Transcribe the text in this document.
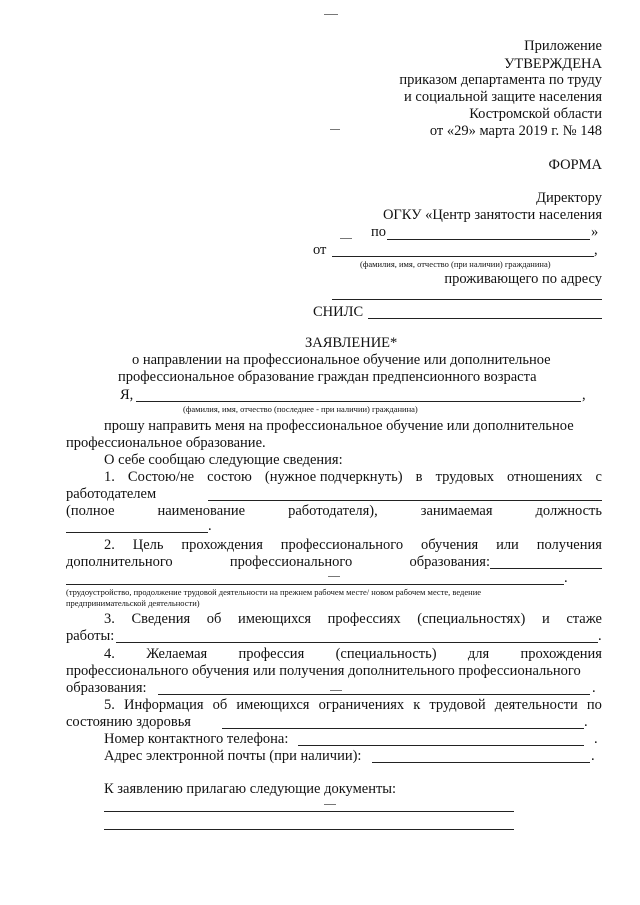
Приложение
УТВЕРЖДЕНА
приказом департамента по труду
и социальной защите населения
Костромской области
от «29» марта 2019 г. № 148
ФОРМА
Директору
ОГКУ «Центр занятости населения
по	»
от	,
(фамилия, имя, отчество (при наличии) гражданина)
проживающего по адресу
СНИЛС
ЗАЯВЛЕНИЕ*
о направлении на профессиональное обучение или дополнительное
профессиональное образование граждан предпенсионного возраста
Я,	,
(фамилия, имя, отчество (последнее - при наличии) гражданина)
прошу направить меня на профессиональное обучение или дополнительное
профессиональное образование.
О себе сообщаю следующие сведения:
1. Состою/не состою (нужное подчеркнуть) в трудовых отношениях с
работодателем
(полное	наименование	работодателя),	занимаемая	должность
.
2. Цель прохождения профессионального обучения или получения
дополнительного	профессионального	образования:
.
(трудоустройство, продолжение трудовой деятельности на прежнем рабочем месте/ новом рабочем месте, ведение
предпринимательской деятельности)
3. Сведения об имеющихся профессиях (специальностях) и стаже
работы:	.
4. Желаемая профессия (специальность) для прохождения
профессионального обучения или получения дополнительного профессионального
образования:	.
5. Информация об имеющихся ограничениях к трудовой деятельности по
состоянию здоровья	.
Номер контактного телефона:	.
Адрес электронной почты (при наличии):	.
К заявлению прилагаю следующие документы:
